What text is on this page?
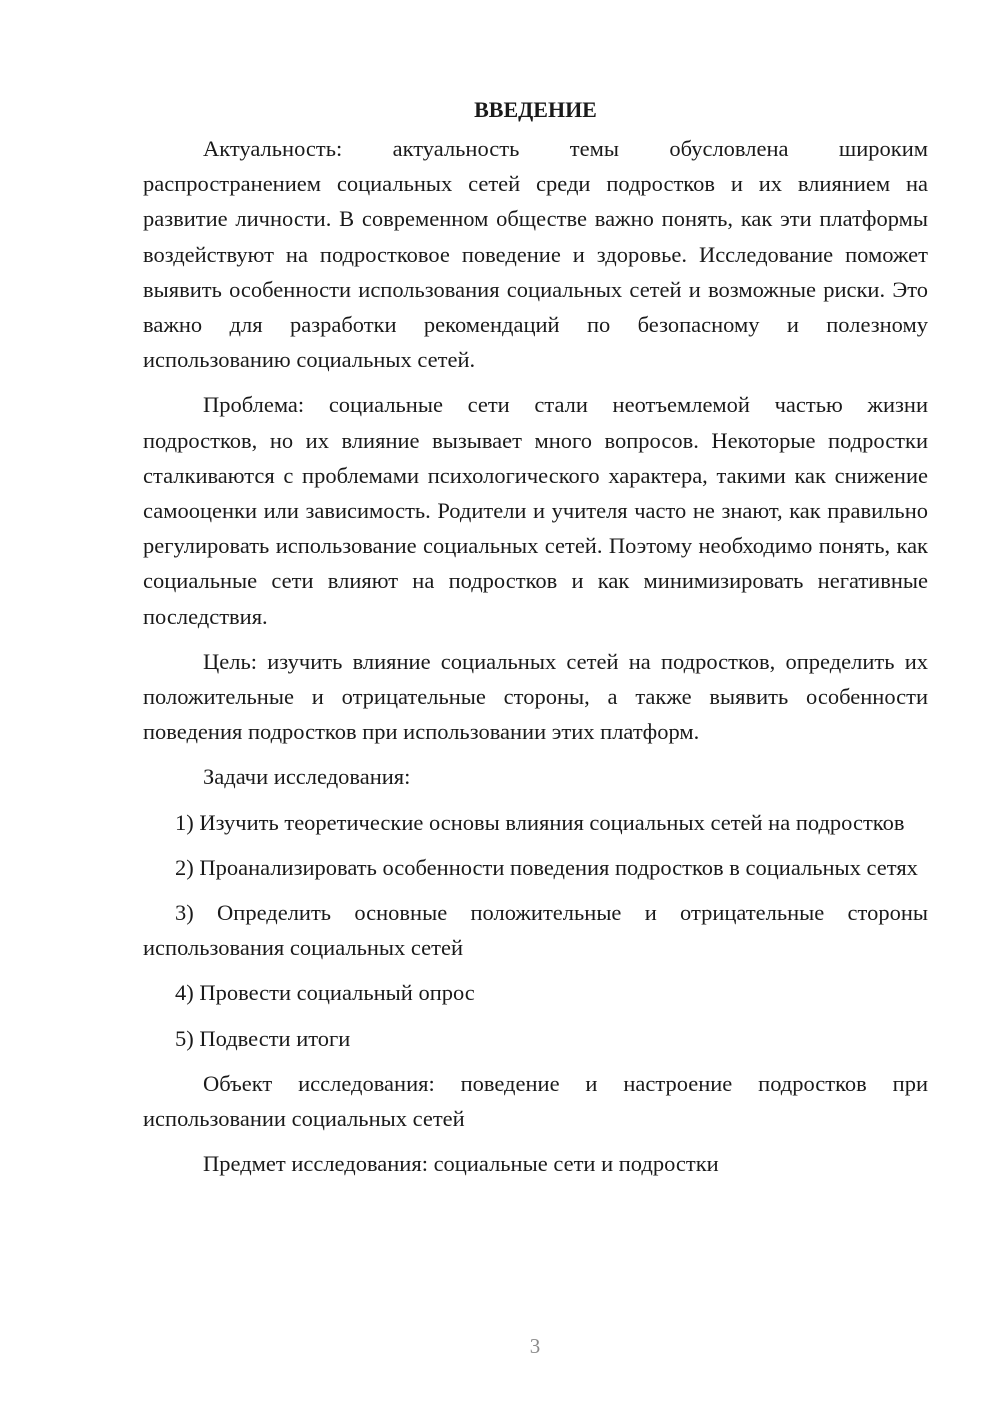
ВВЕДЕНИЕ

Актуальность: актуальность темы обусловлена широким распространением социальных сетей среди подростков и их влиянием на развитие личности. В современном обществе важно понять, как эти платформы воздействуют на подростковое поведение и здоровье. Исследование поможет выявить особенности использования социальных сетей и возможные риски. Это важно для разработки рекомендаций по безопасному и полезному использованию социальных сетей.

Проблема: социальные сети стали неотъемлемой частью жизни подростков, но их влияние вызывает много вопросов. Некоторые подростки сталкиваются с проблемами психологического характера, такими как снижение самооценки или зависимость. Родители и учителя часто не знают, как правильно регулировать использование социальных сетей. Поэтому необходимо понять, как социальные сети влияют на подростков и как минимизировать негативные последствия.

Цель: изучить влияние социальных сетей на подростков, определить их положительные и отрицательные стороны, а также выявить особенности поведения подростков при использовании этих платформ.

Задачи исследования:

1) Изучить теоретические основы влияния социальных сетей на подростков

2) Проанализировать особенности поведения подростков в социальных сетях

3) Определить основные положительные и отрицательные стороны использования социальных сетей

4) Провести социальный опрос

5) Подвести итоги

Объект исследования: поведение и настроение подростков при использовании социальных сетей

Предмет исследования: социальные сети и подростки

3
